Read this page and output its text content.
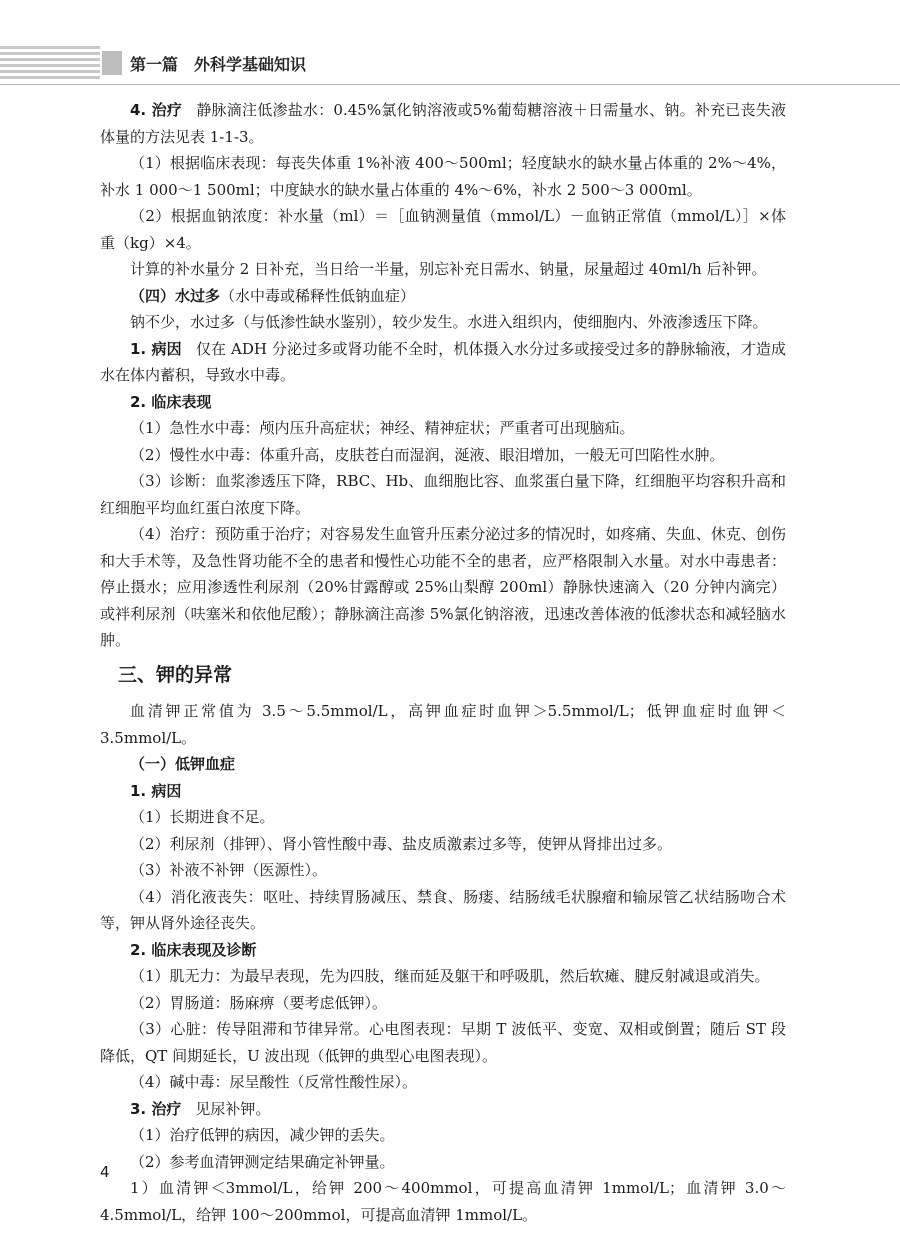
第一篇 外科学基础知识

4. 治疗 静脉滴注低渗盐水：0.45%氯化钠溶液或5%葡萄糖溶液＋日需量水、钠。补充已丧失液体量的方法见表 1-1-3。

（1）根据临床表现：每丧失体重 1%补液 400～500ml；轻度缺水的缺水量占体重的 2%～4%，补水 1 000～1 500ml；中度缺水的缺水量占体重的 4%～6%，补水 2 500～3 000ml。

（2）根据血钠浓度：补水量（ml）＝［血钠测量值（mmol/L）－血钠正常值（mmol/L）］×体重（kg）×4。

计算的补水量分 2 日补充，当日给一半量，别忘补充日需水、钠量，尿量超过 40ml/h 后补钾。

（四）水过多（水中毒或稀释性低钠血症）

钠不少，水过多（与低渗性缺水鉴别），较少发生。水进入组织内，使细胞内、外液渗透压下降。

1. 病因 仅在 ADH 分泌过多或肾功能不全时，机体摄入水分过多或接受过多的静脉输液，才造成水在体内蓄积，导致水中毒。

2. 临床表现

（1）急性水中毒：颅内压升高症状；神经、精神症状；严重者可出现脑疝。

（2）慢性水中毒：体重升高，皮肤苍白而湿润，涎液、眼泪增加，一般无可凹陷性水肿。

（3）诊断：血浆渗透压下降，RBC、Hb、血细胞比容、血浆蛋白量下降，红细胞平均容积升高和红细胞平均血红蛋白浓度下降。

（4）治疗：预防重于治疗；对容易发生血管升压素分泌过多的情况时，如疼痛、失血、休克、创伤和大手术等，及急性肾功能不全的患者和慢性心功能不全的患者，应严格限制入水量。对水中毒患者：停止摄水；应用渗透性利尿剂（20%甘露醇或 25%山梨醇 200ml）静脉快速滴入（20 分钟内滴完）或袢利尿剂（呋塞米和依他尼酸）；静脉滴注高渗 5%氯化钠溶液，迅速改善体液的低渗状态和减轻脑水肿。

三、钾的异常

血清钾正常值为 3.5～5.5mmol/L，高钾血症时血钾＞5.5mmol/L；低钾血症时血钾＜3.5mmol/L。

（一）低钾血症

1. 病因

（1）长期进食不足。

（2）利尿剂（排钾）、肾小管性酸中毒、盐皮质激素过多等，使钾从肾排出过多。

（3）补液不补钾（医源性）。

（4）消化液丧失：呕吐、持续胃肠减压、禁食、肠瘘、结肠绒毛状腺瘤和输尿管乙状结肠吻合术等，钾从肾外途径丧失。

2. 临床表现及诊断

（1）肌无力：为最早表现，先为四肢，继而延及躯干和呼吸肌，然后软瘫、腱反射减退或消失。

（2）胃肠道：肠麻痹（要考虑低钾）。

（3）心脏：传导阻滞和节律异常。心电图表现：早期 T 波低平、变宽、双相或倒置；随后 ST 段降低，QT 间期延长，U 波出现（低钾的典型心电图表现）。

（4）碱中毒：尿呈酸性（反常性酸性尿）。

3. 治疗 见尿补钾。

（1）治疗低钾的病因，减少钾的丢失。

（2）参考血清钾测定结果确定补钾量。

1）血清钾＜3mmol/L，给钾 200～400mmol，可提高血清钾 1mmol/L；血清钾 3.0～4.5mmol/L，给钾 100～200mmol，可提高血清钾 1mmol/L。

4
